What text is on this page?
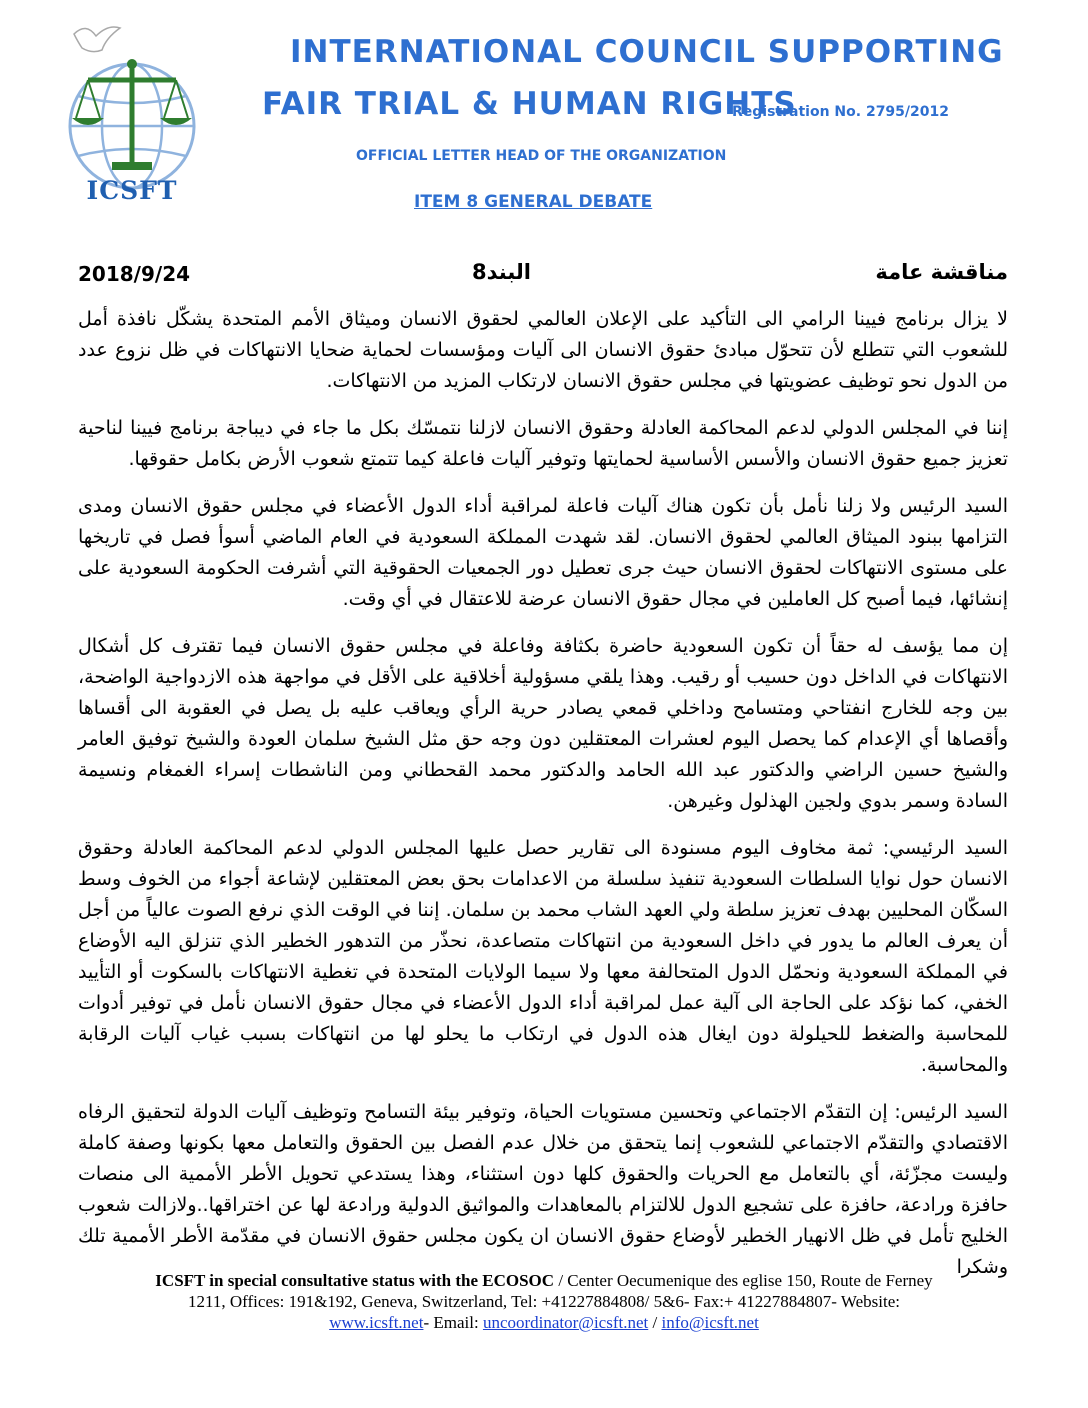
ICSFT
INTERNATIONAL COUNCIL SUPPORTING
FAIR TRIAL & HUMAN RIGHTS
Registration No. 2795/2012
OFFICIAL LETTER HEAD OF THE ORGANIZATION
ITEM 8 GENERAL DEBATE
2018/9/24	البند8	مناقشة عامة

لا يزال برنامج فيينا الرامي الى التأكيد على الإعلان العالمي لحقوق الانسان وميثاق الأمم المتحدة يشكّل نافذة أمل للشعوب التي تتطلع لأن تتحوّل مبادئ حقوق الانسان الى آليات ومؤسسات لحماية ضحايا الانتهاكات في ظل نزوع عدد من الدول نحو توظيف عضويتها في مجلس حقوق الانسان لارتكاب المزيد من الانتهاكات.

إننا في المجلس الدولي لدعم المحاكمة العادلة وحقوق الانسان لازلنا نتمسّك بكل ما جاء في ديباجة برنامج فيينا لناحية تعزيز جميع حقوق الانسان والأسس الأساسية لحمايتها وتوفير آليات فاعلة كيما تتمتع شعوب الأرض بكامل حقوقها.

السيد الرئيس ولا زلنا نأمل بأن تكون هناك آليات فاعلة لمراقبة أداء الدول الأعضاء في مجلس حقوق الانسان ومدى التزامها ببنود الميثاق العالمي لحقوق الانسان. لقد شهدت المملكة السعودية في العام الماضي أسوأ فصل في تاريخها على مستوى الانتهاكات لحقوق الانسان حيث جرى تعطيل دور الجمعيات الحقوقية التي أشرفت الحكومة السعودية على إنشائها، فيما أصبح كل العاملين في مجال حقوق الانسان عرضة للاعتقال في أي وقت.

إن مما يؤسف له حقاً أن تكون السعودية حاضرة بكثافة وفاعلة في مجلس حقوق الانسان فيما تقترف كل أشكال الانتهاكات في الداخل دون حسيب أو رقيب. وهذا يلقي مسؤولية أخلاقية على الأقل في مواجهة هذه الازدواجية الواضحة، بين وجه للخارج انفتاحي ومتسامح وداخلي قمعي يصادر حرية الرأي ويعاقب عليه بل يصل في العقوبة الى أقساها وأقصاها أي الإعدام كما يحصل اليوم لعشرات المعتقلين دون وجه حق مثل الشيخ سلمان العودة والشيخ توفيق العامر والشيخ حسين الراضي والدكتور عبد الله الحامد والدكتور محمد القحطاني ومن الناشطات إسراء الغمغام ونسيمة السادة وسمر بدوي ولجين الهذلول وغيرهن.

السيد الرئيسي: ثمة مخاوف اليوم مسنودة الى تقارير حصل عليها المجلس الدولي لدعم المحاكمة العادلة وحقوق الانسان حول نوايا السلطات السعودية تنفيذ سلسلة من الاعدامات بحق بعض المعتقلين لإشاعة أجواء من الخوف وسط السكّان المحليين بهدف تعزيز سلطة ولي العهد الشاب محمد بن سلمان. إننا في الوقت الذي نرفع الصوت عالياً من أجل أن يعرف العالم ما يدور في داخل السعودية من انتهاكات متصاعدة، نحذّر من التدهور الخطير الذي تنزلق اليه الأوضاع في المملكة السعودية ونحمّل الدول المتحالفة معها ولا سيما الولايات المتحدة في تغطية الانتهاكات بالسكوت أو التأييد الخفي، كما نؤكد على الحاجة الى آلية عمل لمراقبة أداء الدول الأعضاء في مجال حقوق الانسان نأمل في توفير أدوات للمحاسبة والضغط للحيلولة دون ايغال هذه الدول في ارتكاب ما يحلو لها من انتهاكات بسبب غياب آليات الرقابة والمحاسبة.

السيد الرئيس: إن التقدّم الاجتماعي وتحسين مستويات الحياة، وتوفير بيئة التسامح وتوظيف آليات الدولة لتحقيق الرفاه الاقتصادي والتقدّم الاجتماعي للشعوب إنما يتحقق من خلال عدم الفصل بين الحقوق والتعامل معها بكونها وصفة كاملة وليست مجزّئة، أي بالتعامل مع الحريات والحقوق كلها دون استثناء، وهذا يستدعي تحويل الأطر الأممية الى منصات حافزة ورادعة، حافزة على تشجيع الدول للالتزام بالمعاهدات والمواثيق الدولية ورادعة لها عن اختراقها..ولازالت شعوب الخليج تأمل في ظل الانهيار الخطير لأوضاع حقوق الانسان ان يكون مجلس حقوق الانسان في مقدّمة الأطر الأممية تلك وشكرا

ICSFT in special consultative status with the ECOSOC / Center Oecumenique des eglise 150, Route de Ferney
1211, Offices: 191&192, Geneva, Switzerland, Tel: +41227884808/ 5&6- Fax:+ 41227884807- Website:
www.icsft.net- Email: uncoordinator@icsft.net / info@icsft.net
